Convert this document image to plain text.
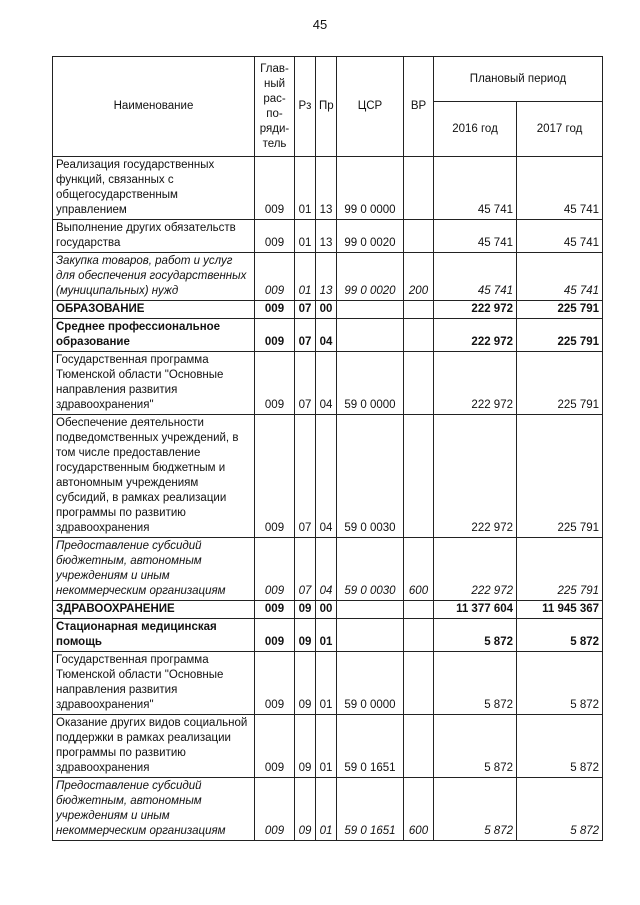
45
Наименование	Глав-ный рас-по-ряди-тель	Рз	Пр	ЦСР	ВР	Плановый период	
						2016 год	2017 год
Реализация государственных функций, связанных с общегосударственным управлением	009	01	13	99 0 0000		45 741	45 741
Выполнение других обязательств государства	009	01	13	99 0 0020		45 741	45 741
Закупка товаров, работ и услуг для обеспечения государственных (муниципальных) нужд	009	01	13	99 0 0020	200	45 741	45 741
ОБРАЗОВАНИЕ	009	07	00			222 972	225 791
Среднее профессиональное образование	009	07	04			222 972	225 791
Государственная программа Тюменской области "Основные направления развития здравоохранения"	009	07	04	59 0 0000		222 972	225 791
Обеспечение деятельности подведомственных учреждений, в том числе предоставление государственным бюджетным и автономным учреждениям субсидий, в рамках реализации программы по развитию здравоохранения	009	07	04	59 0 0030		222 972	225 791
Предоставление субсидий бюджетным, автономным учреждениям и иным некоммерческим организациям	009	07	04	59 0 0030	600	222 972	225 791
ЗДРАВООХРАНЕНИЕ	009	09	00			11 377 604	11 945 367
Стационарная медицинская помощь	009	09	01			5 872	5 872
Государственная программа Тюменской области "Основные направления развития здравоохранения"	009	09	01	59 0 0000		5 872	5 872
Оказание других видов социальной поддержки в рамках реализации программы по развитию здравоохранения	009	09	01	59 0 1651		5 872	5 872
Предоставление субсидий бюджетным, автономным учреждениям и иным некоммерческим организациям	009	09	01	59 0 1651	600	5 872	5 872
